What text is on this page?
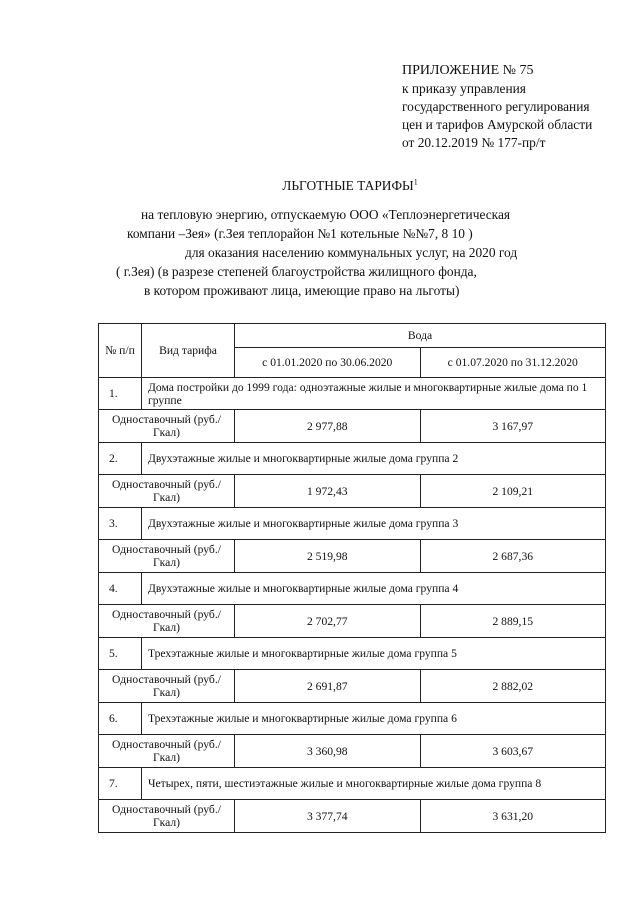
ПРИЛОЖЕНИЕ № 75
к приказу управления
государственного регулирования
цен и тарифов Амурской области
от 20.12.2019 № 177-пр/т
ЛЬГОТНЫЕ ТАРИФЫ$^1$
на тепловую энергию, отпускаемую ООО «Теплоэнергетическая
компани –Зея» (г.Зея теплорайон №1 котельные №№7, 8 10 )
для оказания населению коммунальных услуг, на 2020 год
( г.Зея) (в разрезе степеней благоустройства жилищного фонда,
в котором проживают лица, имеющие право на льготы)
№ п/п	Вид тарифа	Вода	
		с 01.01.2020 по 30.06.2020	с 01.07.2020 по 31.12.2020
1.	Дома постройки до 1999 года: одноэтажные жилые и многоквартирные жилые дома по 1 группе		
Одноставочный (руб./Гкал)		2 977,88	3 167,97
2.	Двухэтажные жилые и многоквартирные жилые дома группа 2		
Одноставочный (руб./Гкал)		1 972,43	2 109,21
3.	Двухэтажные жилые и многоквартирные жилые дома группа 3		
Одноставочный (руб./Гкал)		2 519,98	2 687,36
4.	Двухэтажные жилые и многоквартирные жилые дома группа 4		
Одноставочный (руб./Гкал)		2 702,77	2 889,15
5.	Трехэтажные жилые и многоквартирные жилые дома группа 5		
Одноставочный (руб./Гкал)		2 691,87	2 882,02
6.	Трехэтажные жилые и многоквартирные жилые дома группа 6		
Одноставочный (руб./Гкал)		3 360,98	3 603,67
7.	Четырех, пяти, шестиэтажные жилые и многоквартирные жилые дома группа 8		
Одноставочный (руб./Гкал)		3 377,74	3 631,20
